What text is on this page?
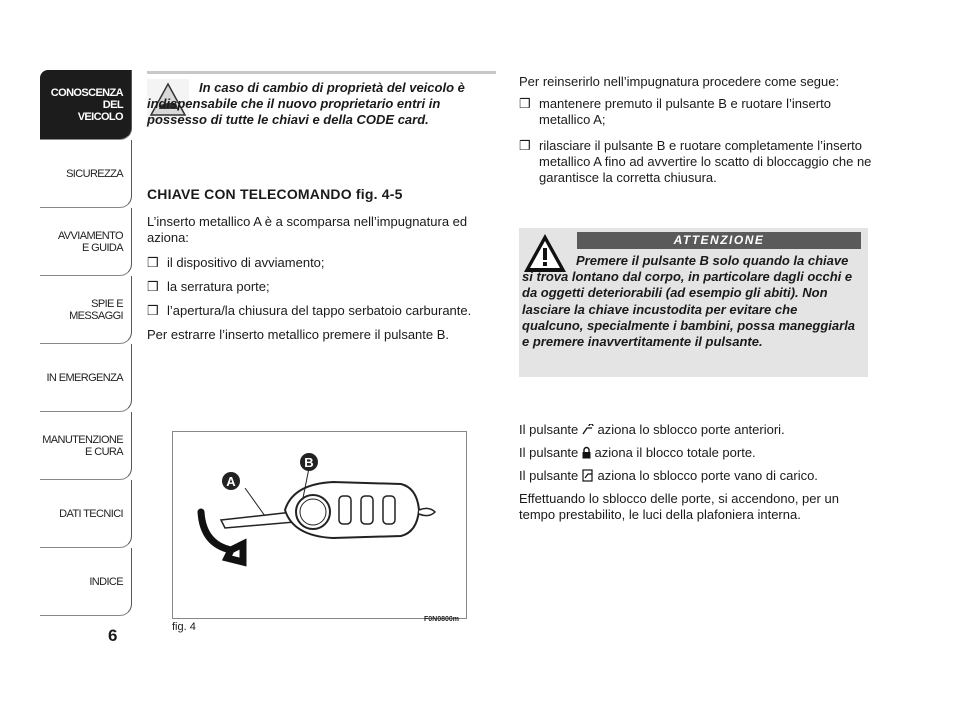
CONOSCENZA
DEL
VEICOLO
SICUREZZA
AVVIAMENTO
E GUIDA
SPIE E
MESSAGGI
IN EMERGENZA
MANUTENZIONE
E CURA
DATI TECNICI
INDICE
6
In caso di cambio di proprietà del veicolo è indispensabile che il nuovo proprietario entri in possesso di tutte le chiavi e della CODE card.
CHIAVE CON TELECOMANDO fig. 4-5
L’inserto metallico A è a scomparsa nell’impugnatura ed aziona:
❒ il dispositivo di avviamento;
❒ la serratura porte;
❒ l’apertura/la chiusura del tappo serbatoio carburante.
Per estrarre l’inserto metallico premere il pulsante B.
A
B
fig. 4
F0N0800m
Per reinserirlo nell’impugnatura procedere come segue:
❒ mantenere premuto il pulsante B e ruotare l’inserto metallico A;
❒ rilasciare il pulsante B e ruotare completamente l’inserto metallico A fino ad avvertire lo scatto di bloccaggio che ne garantisce la corretta chiusura.
ATTENZIONE
Premere il pulsante B solo quando la chiave si trova lontano dal corpo, in particolare dagli occhi e da oggetti deteriorabili (ad esempio gli abiti). Non lasciare la chiave incustodita per evitare che qualcuno, specialmente i bambini, possa maneggiarla e premere inavvertitamente il pulsante.
Il pulsante aziona lo sblocco porte anteriori.
Il pulsante aziona il blocco totale porte.
Il pulsante aziona lo sblocco porte vano di carico.
Effettuando lo sblocco delle porte, si accendono, per un tempo prestabilito, le luci della plafoniera interna.
